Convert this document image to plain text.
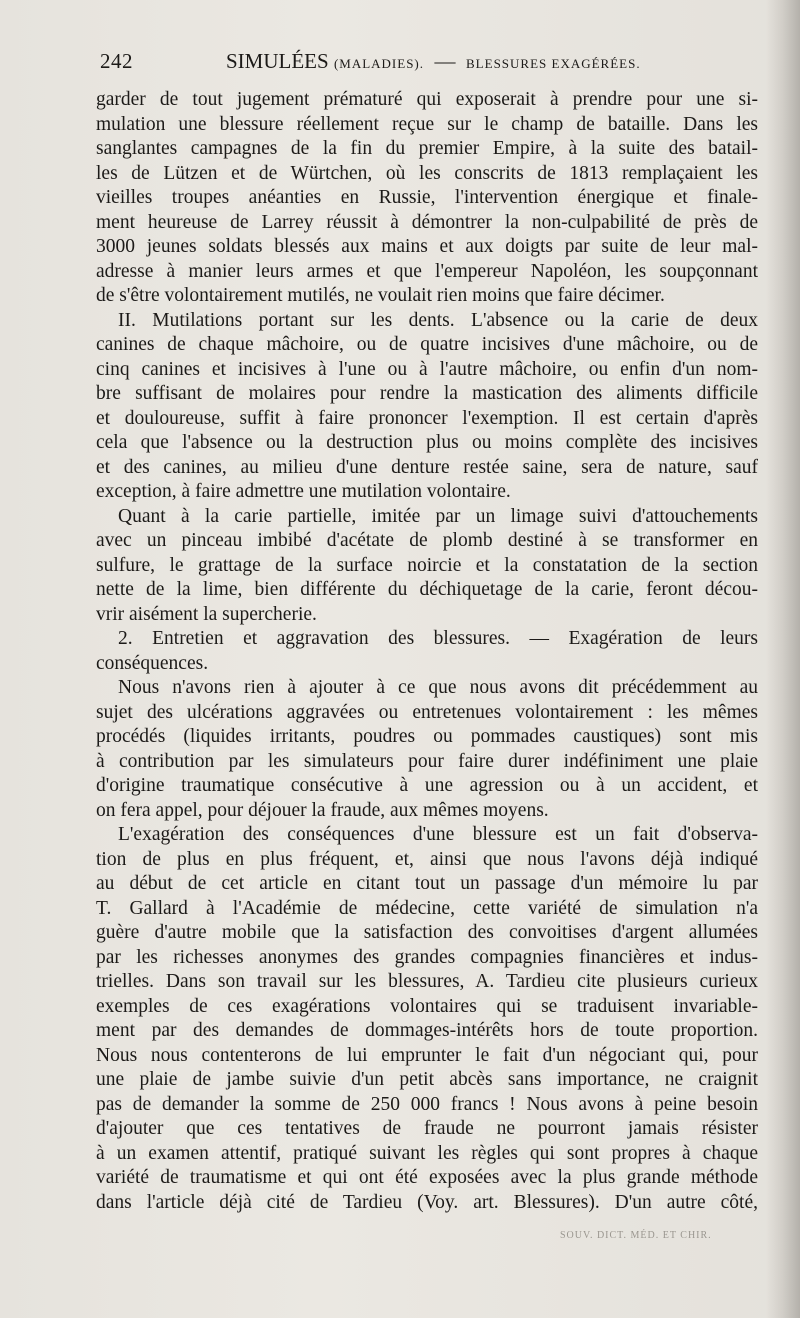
242	SIMULÉES (MALADIES). — BLESSURES EXAGÉRÉES.
garder de tout jugement prématuré qui exposerait à prendre pour une si-
mulation une blessure réellement reçue sur le champ de bataille. Dans les
sanglantes campagnes de la fin du premier Empire, à la suite des batail-
les de Lützen et de Würtchen, où les conscrits de 1813 remplaçaient les
vieilles troupes anéanties en Russie, l'intervention énergique et finale-
ment heureuse de Larrey réussit à démontrer la non-culpabilité de près de
3000 jeunes soldats blessés aux mains et aux doigts par suite de leur mal-
adresse à manier leurs armes et que l'empereur Napoléon, les soupçonnant
de s'être volontairement mutilés, ne voulait rien moins que faire décimer.
II. Mutilations portant sur les dents. L'absence ou la carie de deux
canines de chaque mâchoire, ou de quatre incisives d'une mâchoire, ou de
cinq canines et incisives à l'une ou à l'autre mâchoire, ou enfin d'un nom-
bre suffisant de molaires pour rendre la mastication des aliments difficile
et douloureuse, suffit à faire prononcer l'exemption. Il est certain d'après
cela que l'absence ou la destruction plus ou moins complète des incisives
et des canines, au milieu d'une denture restée saine, sera de nature, sauf
exception, à faire admettre une mutilation volontaire.
Quant à la carie partielle, imitée par un limage suivi d'attouchements
avec un pinceau imbibé d'acétate de plomb destiné à se transformer en
sulfure, le grattage de la surface noircie et la constatation de la section
nette de la lime, bien différente du déchiquetage de la carie, feront décou-
vrir aisément la supercherie.
2. Entretien et aggravation des blessures. — Exagération de leurs
conséquences.
Nous n'avons rien à ajouter à ce que nous avons dit précédemment au
sujet des ulcérations aggravées ou entretenues volontairement : les mêmes
procédés (liquides irritants, poudres ou pommades caustiques) sont mis
à contribution par les simulateurs pour faire durer indéfiniment une plaie
d'origine traumatique consécutive à une agression ou à un accident, et
on fera appel, pour déjouer la fraude, aux mêmes moyens.
L'exagération des conséquences d'une blessure est un fait d'observa-
tion de plus en plus fréquent, et, ainsi que nous l'avons déjà indiqué
au début de cet article en citant tout un passage d'un mémoire lu par
T. Gallard à l'Académie de médecine, cette variété de simulation n'a
guère d'autre mobile que la satisfaction des convoitises d'argent allumées
par les richesses anonymes des grandes compagnies financières et indus-
trielles. Dans son travail sur les blessures, A. Tardieu cite plusieurs curieux
exemples de ces exagérations volontaires qui se traduisent invariable-
ment par des demandes de dommages-intérêts hors de toute proportion.
Nous nous contenterons de lui emprunter le fait d'un négociant qui, pour
une plaie de jambe suivie d'un petit abcès sans importance, ne craignit
pas de demander la somme de 250 000 francs ! Nous avons à peine besoin
d'ajouter que ces tentatives de fraude ne pourront jamais résister
à un examen attentif, pratiqué suivant les règles qui sont propres à chaque
variété de traumatisme et qui ont été exposées avec la plus grande méthode
dans l'article déjà cité de Tardieu (Voy. art. Blessures). D'un autre côté,
SOUV. DICT. MÉD. ET CHIR.
